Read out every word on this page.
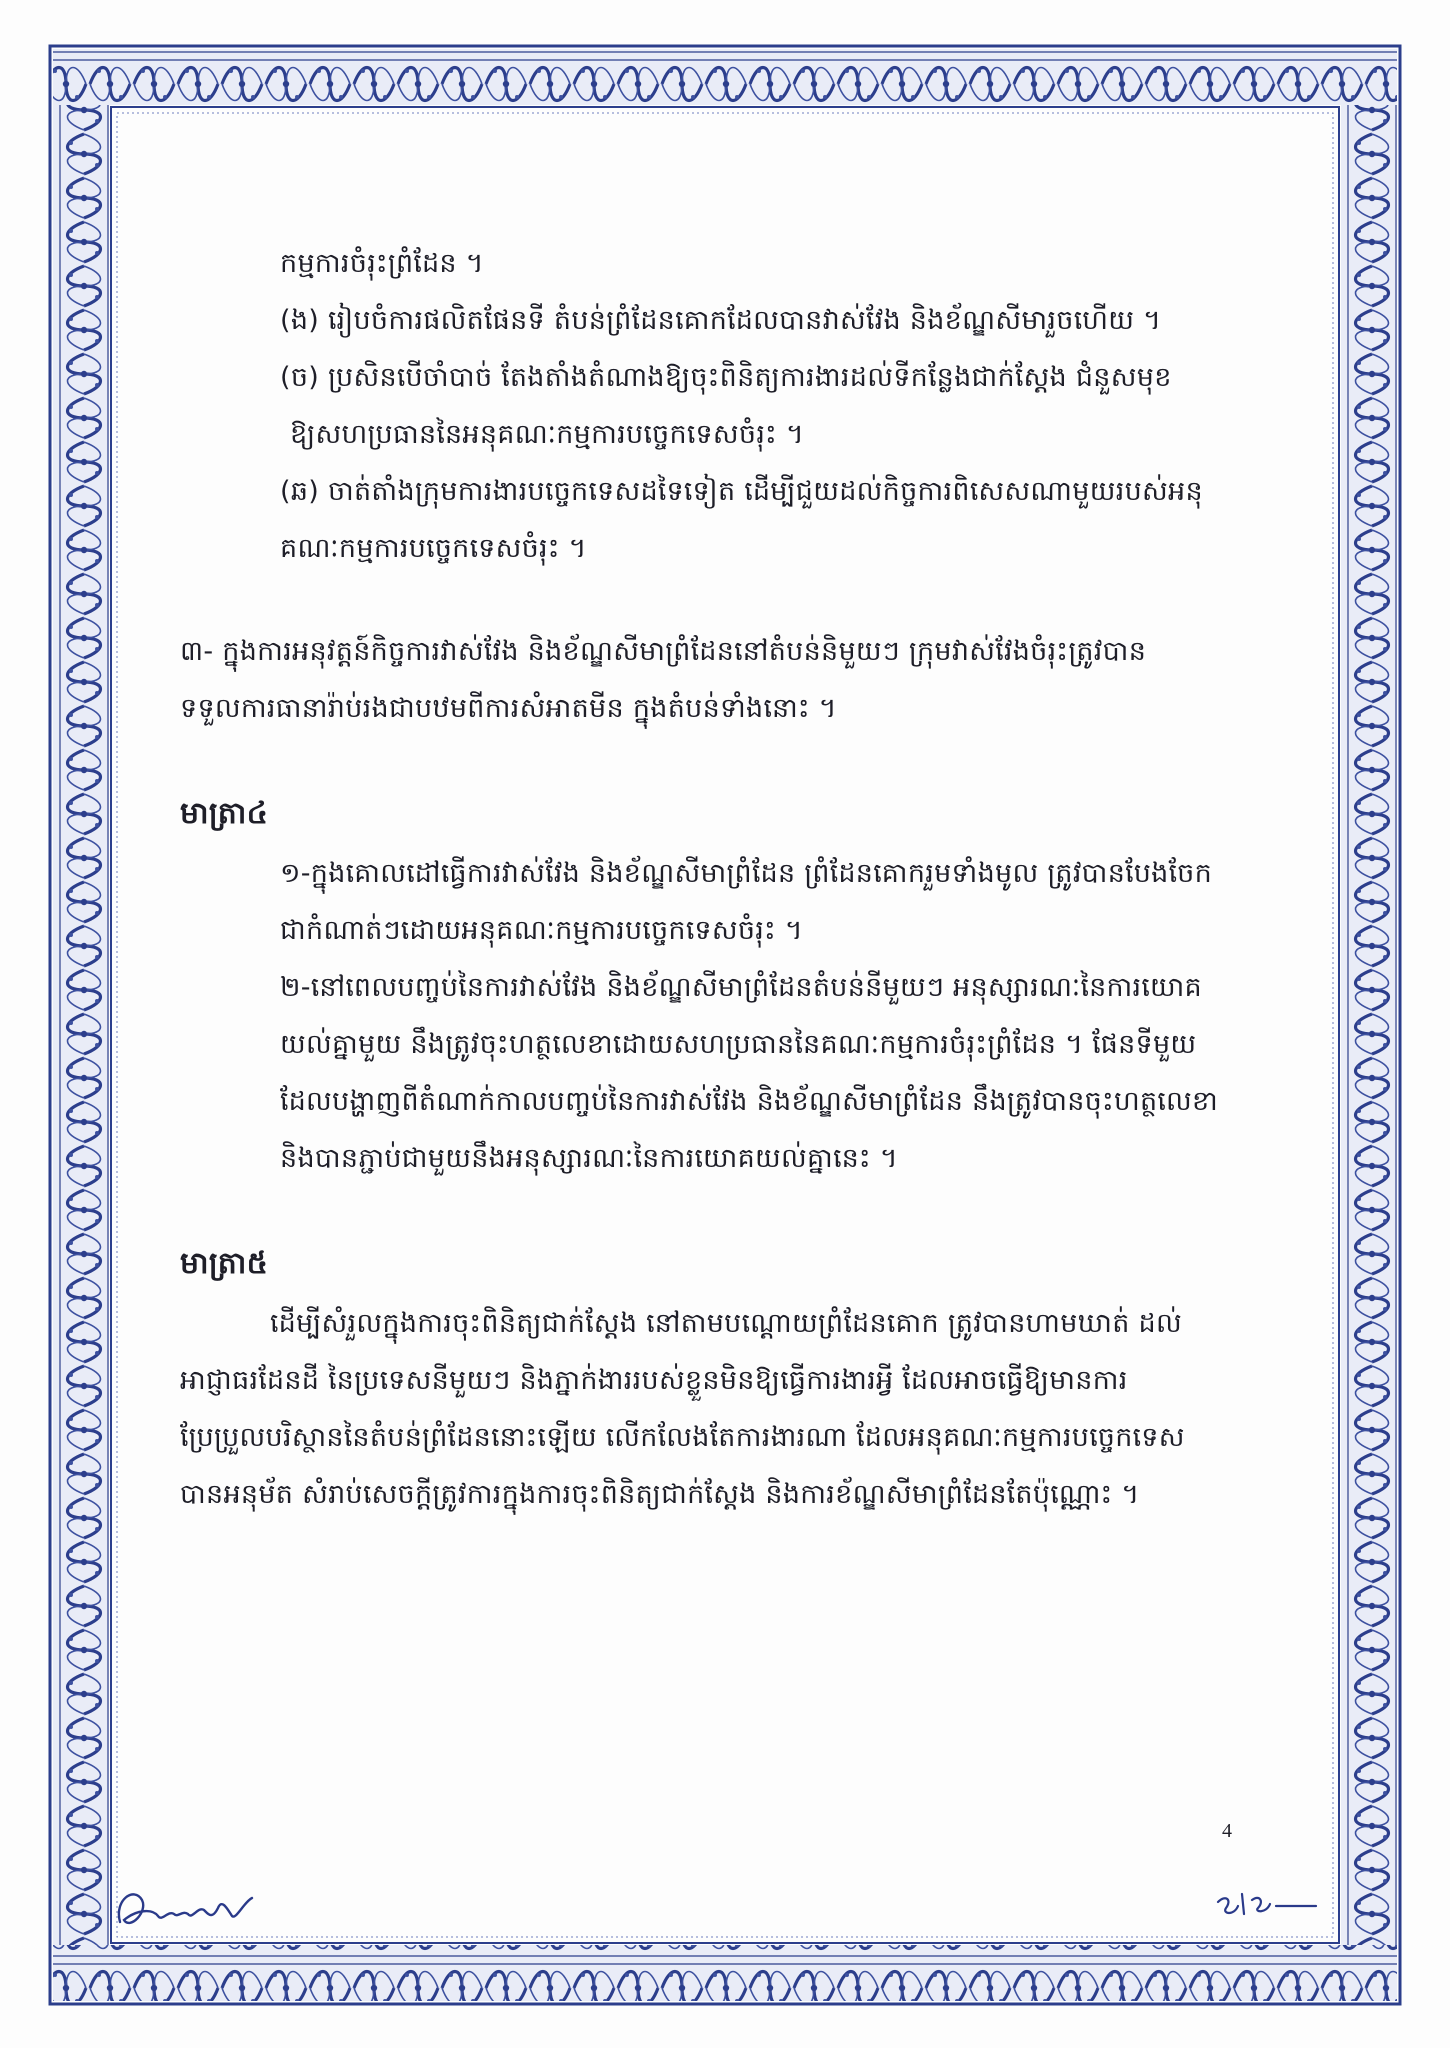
កម្មការចំរុះព្រំដែន ។
(ង) រៀបចំការផលិតផែនទី តំបន់ព្រំដែនគោកដែលបានវាស់វែង និងខ័ណ្ឌសីមារួចហើយ ។
(ច) ប្រសិនបើចាំបាច់ តែងតាំងតំណាងឱ្យចុះពិនិត្យការងារដល់ទីកន្លែងជាក់ស្តែង ជំនួសមុខ
ឱ្យសហប្រធាននៃអនុគណៈកម្មការបច្ចេកទេសចំរុះ ។
(ឆ) ចាត់តាំងក្រុមការងារបច្ចេកទេសដទៃទៀត ដើម្បីជួយដល់កិច្ចការពិសេសណាមួយរបស់អនុ
គណៈកម្មការបច្ចេកទេសចំរុះ ។
៣- ក្នុងការអនុវត្តន៍កិច្ចការវាស់វែង និងខ័ណ្ឌសីមាព្រំដែននៅតំបន់និមួយៗ ក្រុមវាស់វែងចំរុះត្រូវបាន
ទទួលការធានារ៉ាប់រងជាបឋមពីការសំអាតមីន ក្នុងតំបន់ទាំងនោះ ។
មាត្រា៤
១-ក្នុងគោលដៅធ្វើការវាស់វែង និងខ័ណ្ឌសីមាព្រំដែន ព្រំដែនគោករួមទាំងមូល ត្រូវបានបែងចែក
ជាកំណាត់ៗដោយអនុគណៈកម្មការបច្ចេកទេសចំរុះ ។
២-នៅពេលបញ្ចប់នៃការវាស់វែង និងខ័ណ្ឌសីមាព្រំដែនតំបន់នីមួយៗ អនុស្សារណៈនៃការយោគ
យល់គ្នាមួយ នឹងត្រូវចុះហត្ថលេខាដោយសហប្រធាននៃគណៈកម្មការចំរុះព្រំដែន ។ ផែនទីមួយ
ដែលបង្ហាញពីតំណាក់កាលបញ្ចប់នៃការវាស់វែង និងខ័ណ្ឌសីមាព្រំដែន នឹងត្រូវបានចុះហត្ថលេខា
និងបានភ្ជាប់ជាមួយនឹងអនុស្សារណៈនៃការយោគយល់គ្នានេះ ។
មាត្រា៥
ដើម្បីសំរួលក្នុងការចុះពិនិត្យជាក់ស្តែង នៅតាមបណ្តោយព្រំដែនគោក ត្រូវបានហាមឃាត់ ដល់
អាជ្ញាធរដែនដី នៃប្រទេសនីមួយៗ និងភ្នាក់ងាររបស់ខ្លួនមិនឱ្យធ្វើការងារអ្វី ដែលអាចធ្វើឱ្យមានការ
ប្រែប្រួលបរិស្ថាននៃតំបន់ព្រំដែននោះឡើយ លើកលែងតែការងារណា ដែលអនុគណៈកម្មការបច្ចេកទេស
បានអនុម័ត សំរាប់សេចក្តីត្រូវការក្នុងការចុះពិនិត្យជាក់ស្តែង និងការខ័ណ្ឌសីមាព្រំដែនតែប៉ុណ្ណោះ ។
4
